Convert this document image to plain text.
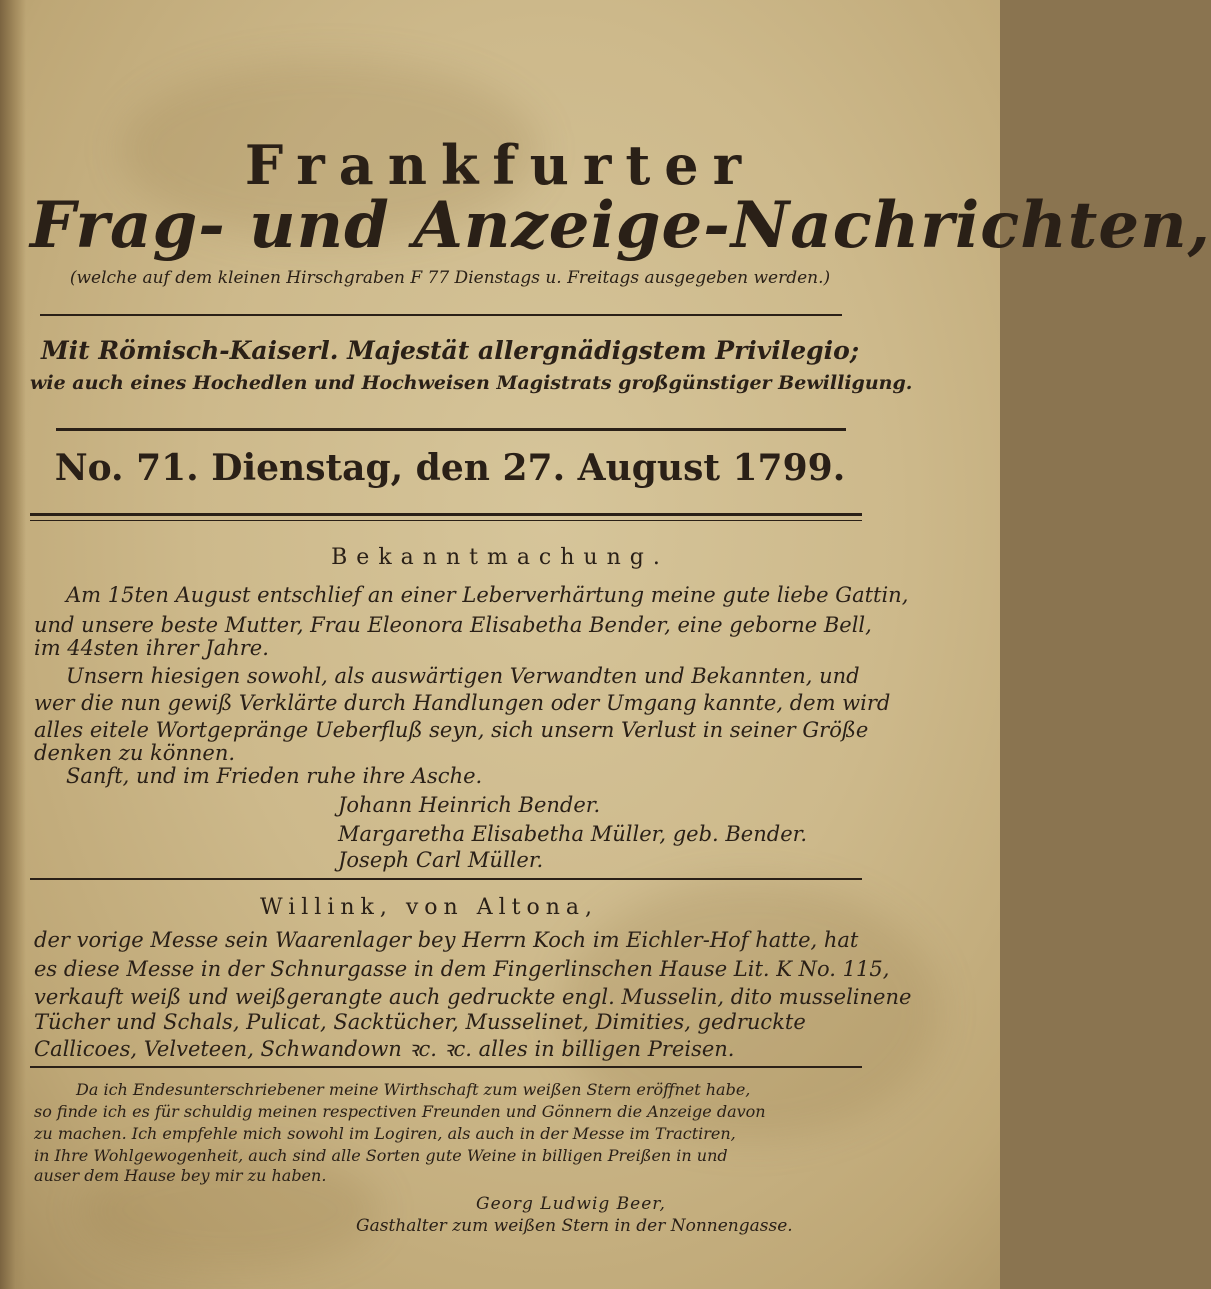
Frankfurter
Frag- und Anzeige-Nachrichten,
(welche auf dem kleinen Hirschgraben F 77 Dienstags u. Freitags ausgegeben werden.)
Mit Römisch-Kaiserl. Majestät allergnädigstem Privilegio;
wie auch eines Hochedlen und Hochweisen Magistrats großgünstiger Bewilligung.
No. 71. Dienstag, den 27. August 1799.
Bekanntmachung.
Am 15ten August entschlief an einer Leberverhärtung meine gute liebe Gattin,
und unsere beste Mutter, Frau Eleonora Elisabetha Bender, eine geborne Bell,
im 44sten ihrer Jahre.
Unsern hiesigen sowohl, als auswärtigen Verwandten und Bekannten, und
wer die nun gewiß Verklärte durch Handlungen oder Umgang kannte, dem wird
alles eitele Wortgepränge Ueberfluß seyn, sich unsern Verlust in seiner Größe
denken zu können.
Sanft, und im Frieden ruhe ihre Asche.
Johann Heinrich Bender.
Margaretha Elisabetha Müller, geb. Bender.
Joseph Carl Müller.
Willink, von Altona,
der vorige Messe sein Waarenlager bey Herrn Koch im Eichler-Hof hatte, hat
es diese Messe in der Schnurgasse in dem Fingerlinschen Hause Lit. K No. 115,
verkauft weiß und weißgerangte auch gedruckte engl. Musselin, dito musselinene
Tücher und Schals, Pulicat, Sacktücher, Musselinet, Dimities, gedruckte
Callicoes, Velveteen, Schwandown ꝛc. ꝛc. alles in billigen Preisen.
Da ich Endesunterschriebener meine Wirthschaft zum weißen Stern eröffnet habe,
so finde ich es für schuldig meinen respectiven Freunden und Gönnern die Anzeige davon
zu machen. Ich empfehle mich sowohl im Logiren, als auch in der Messe im Tractiren,
in Ihre Wohlgewogenheit, auch sind alle Sorten gute Weine in billigen Preißen in und
auser dem Hause bey mir zu haben.
Georg Ludwig Beer,
Gasthalter zum weißen Stern in der Nonnengasse.
